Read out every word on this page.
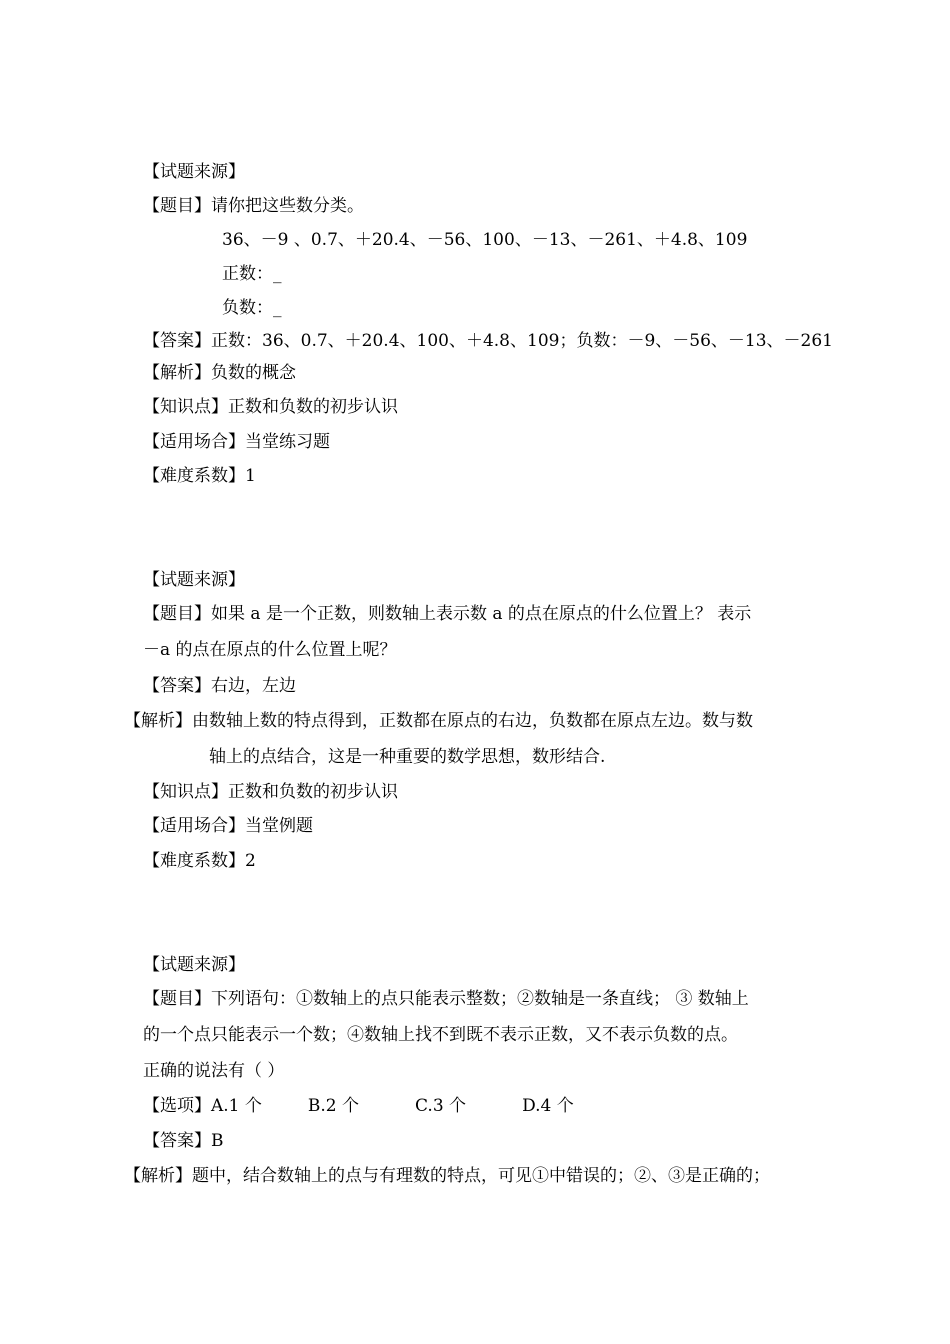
【试题来源】
【题目】请你把这些数分类。
36、－9 、0.7、＋20.4、－56、100、－13、－261、＋4.8、109
正数：_
负数：_
【答案】正数：36、0.7、＋20.4、100、＋4.8、109；负数：－9、－56、－13、－261
【解析】负数的概念
【知识点】正数和负数的初步认识
【适用场合】当堂练习题
【难度系数】1
【试题来源】
【题目】如果 a 是一个正数，则数轴上表示数 a 的点在原点的什么位置上？ 表示
－a 的点在原点的什么位置上呢？
【答案】右边，左边
【解析】由数轴上数的特点得到，正数都在原点的右边，负数都在原点左边。数与数
轴上的点结合，这是一种重要的数学思想，数形结合.
【知识点】正数和负数的初步认识
【适用场合】当堂例题
【难度系数】2
【试题来源】
【题目】下列语句：①数轴上的点只能表示整数；②数轴是一条直线； ③ 数轴上
的一个点只能表示一个数；④数轴上找不到既不表示正数，又不表示负数的点。
正确的说法有（ ）
【选项】A.1 个	B.2 个	C.3 个	D.4 个
【答案】B
【解析】题中，结合数轴上的点与有理数的特点，可见①中错误的；②、③是正确的；
